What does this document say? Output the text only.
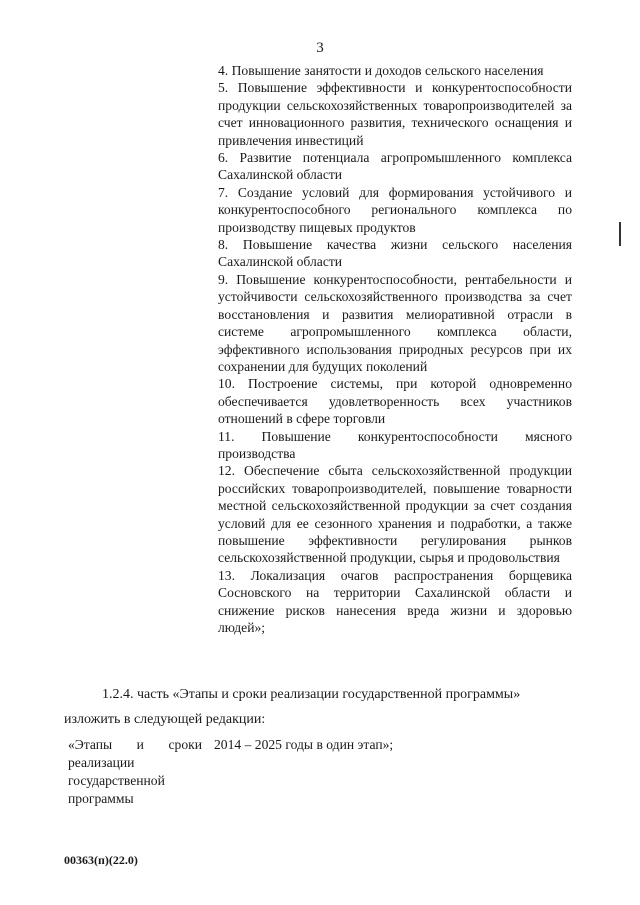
3

4. Повышение занятости и доходов сельского населения

5. Повышение эффективности и конкурентоспособности продукции сельскохозяйственных товаропроизводителей за счет инновационного развития, технического оснащения и привлечения инвестиций

6. Развитие потенциала агропромышленного комплекса Сахалинской области

7. Создание условий для формирования устойчивого и конкурентоспособного регионального комплекса по производству пищевых продуктов

8. Повышение качества жизни сельского населения Сахалинской области

9. Повышение конкурентоспособности, рентабельности и устойчивости сельскохозяйственного производства за счет восстановления и развития мелиоративной отрасли в системе агропромышленного комплекса области, эффективного использования природных ресурсов при их сохранении для будущих поколений

10. Построение системы, при которой одновременно обеспечивается удовлетворенность всех участников отношений в сфере торговли

11. Повышение конкурентоспособности мясного производства

12. Обеспечение сбыта сельскохозяйственной продукции российских товаропроизводителей, повышение товарности местной сельскохозяйственной продукции за счет создания условий для ее сезонного хранения и подработки, а также повышение эффективности регулирования рынков сельскохозяйственной продукции, сырья и продовольствия

13. Локализация очагов распространения борщевика Сосновского на территории Сахалинской области и снижение рисков нанесения вреда жизни и здоровью людей»;

1.2.4. часть «Этапы и сроки реализации государственной программы»
изложить в следующей редакции:
«Этапы и сроки реализации государственной программы
2014 – 2025 годы в один этап»;
00363(п)(22.0)
